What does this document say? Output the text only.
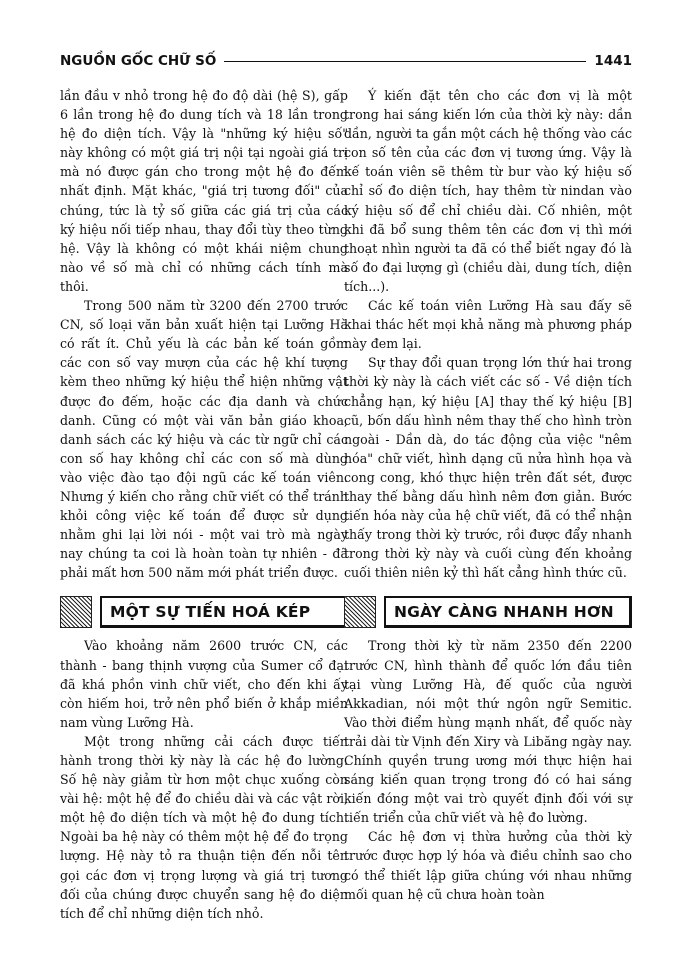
NGUỒN GỐC CHỮ SỐ	1441

lần đầu v nhỏ trong hệ đo độ dài (hệ S), gấp 6 lần trong hệ đo dung tích và 18 lần trong hệ đo diện tích. Vậy là "những ký hiệu số" này không có một giá trị nội tại ngoài giá trị mà nó được gán cho trong một hệ đo đếm nhất định. Mặt khác, "giá trị tương đối" của chúng, tức là tỷ số giữa các giá trị của các ký hiệu nối tiếp nhau, thay đổi tùy theo từng hệ. Vậy là không có một khái niệm chung nào về số mà chỉ có những cách tính mà thôi.

Trong 500 năm từ 3200 đến 2700 trước CN, số loại văn bản xuất hiện tại Lưỡng Hà có rất ít. Chủ yếu là các bản kế toán gồm các con số vay mượn của các hệ khí tượng kèm theo những ký hiệu thể hiện những vật được đo đếm, hoặc các địa danh và chức danh. Cũng có một vài văn bản giáo khoa, danh sách các ký hiệu và các từ ngữ chỉ các con số hay không chỉ các con số mà dùng vào việc đào tạo đội ngũ các kế toán viên. Nhưng ý kiến cho rằng chữ viết có thể tránh khỏi công việc kế toán để được sử dụng nhằm ghi lại lời nói - một vai trò mà ngày nay chúng ta coi là hoàn toàn tự nhiên - đã phải mất hơn 500 năm mới phát triển được.

MỘT SỰ TIẾN HOÁ KÉP

Vào khoảng năm 2600 trước CN, các thành - bang thịnh vượng của Sumer cổ đại đã khá phồn vinh chữ viết, cho đến khi ấy còn hiếm hoi, trở nên phổ biến ở khắp miền nam vùng Lưỡng Hà.

Một trong những cải cách được tiến hành trong thời kỳ này là các hệ đo lường. Số hệ này giảm từ hơn một chục xuống còn vài hệ: một hệ để đo chiều dài và các vật rời, một hệ đo diện tích và một hệ đo dung tích. Ngoài ba hệ này có thêm một hệ để đo trọng lượng. Hệ này tỏ ra thuận tiện đến nỗi tên gọi các đơn vị trọng lượng và giá trị tương đối của chúng được chuyển sang hệ đo diện tích để chỉ những diện tích nhỏ.

Ý kiến đặt tên cho các đơn vị là một trong hai sáng kiến lớn của thời kỳ này: dần dần, người ta gắn một cách hệ thống vào các con số tên của các đơn vị tương ứng. Vậy là kế toán viên sẽ thêm từ bur vào ký hiệu số chỉ số đo diện tích, hay thêm từ nindan vào ký hiệu số để chỉ chiều dài. Cố nhiên, một khi đã bổ sung thêm tên các đơn vị thì mới thoạt nhìn người ta đã có thể biết ngay đó là số đo đại lượng gì (chiều dài, dung tích, diện tích...).

Các kế toán viên Lưỡng Hà sau đấy sẽ khai thác hết mọi khả năng mà phương pháp này đem lại.

Sự thay đổi quan trọng lớn thứ hai trong thời kỳ này là cách viết các số - Về diện tích chẳng hạn, ký hiệu [A] thay thế ký hiệu [B] cũ, bốn dấu hình nêm thay thế cho hình tròn ngoài - Dần dà, do tác động của việc "nêm hóa" chữ viết, hình dạng cũ nửa hình họa và cong cong, khó thực hiện trên đất sét, được thay thế bằng dấu hình nêm đơn giản. Bước tiến hóa này của hệ chữ viết, đã có thể nhận thấy trong thời kỳ trước, rồi được đẩy nhanh trong thời kỳ này và cuối cùng đến khoảng cuối thiên niên kỷ thì hất cẳng hình thức cũ.

NGÀY CÀNG NHANH HƠN

Trong thời kỳ từ năm 2350 đến 2200 trước CN, hình thành để quốc lớn đầu tiên tại vùng Lưỡng Hà, đế quốc của người Akkadian, nói một thứ ngôn ngữ Semitic. Vào thời điểm hùng mạnh nhất, để quốc này trải dài từ Vịnh đến Xiry và Libăng ngày nay. Chính quyền trung ương mới thực hiện hai sáng kiến quan trọng trong đó có hai sáng kiến đóng một vai trò quyết định đối với sự tiến triển của chữ viết và hệ đo lường.

Các hệ đơn vị thừa hưởng của thời kỳ trước được hợp lý hóa và điều chỉnh sao cho có thể thiết lập giữa chúng với nhau những mối quan hệ cũ chưa hoàn toàn
